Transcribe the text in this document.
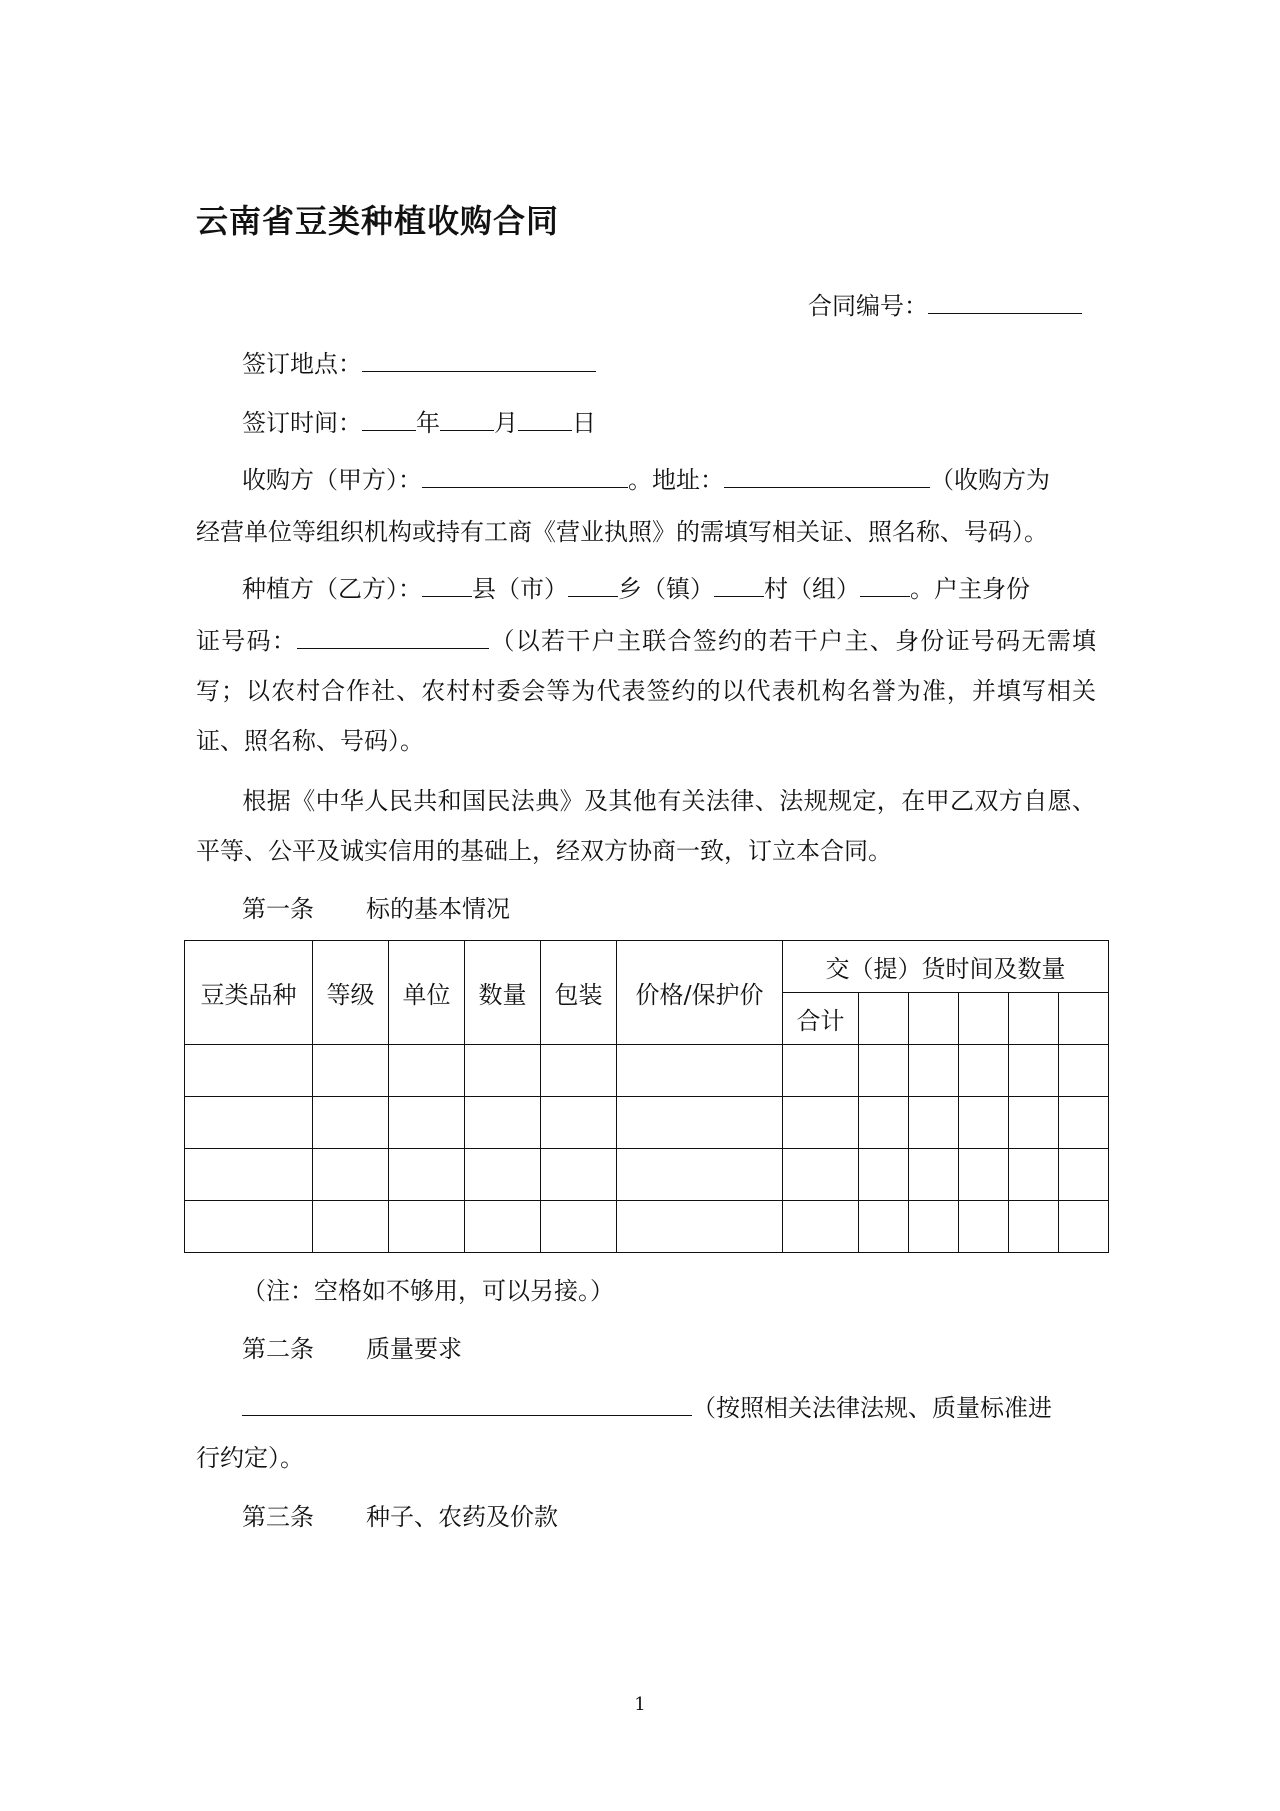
云南省豆类种植收购合同
合同编号：
签订地点：
签订时间： 年 月 日
收购方（甲方）：	。地址：	（收购方为
经营单位等组织机构或持有工商《营业执照》的需填写相关证、照名称、号码）。
种植方（乙方）： 县（市） 乡（镇） 村（组） 。户主身份
证号码：	（以若干户主联合签约的若干户主、身份证号码无需填写；以农村合作社、农村村委会等为代表签约的以代表机构名誉为准，并填写相关证、照名称、号码）。
根据《中华人民共和国民法典》及其他有关法律、法规规定，在甲乙双方自愿、平等、公平及诚实信用的基础上，经双方协商一致，订立本合同。
第一条 标的基本情况
豆类品种	等级	单位	数量	包装	价格/保护价	交（提）货时间及数量					
						合计					

（注：空格如不够用，可以另接。）
第二条 质量要求
（按照相关法律法规、质量标准进
行约定）。
第三条 种子、农药及价款
1
